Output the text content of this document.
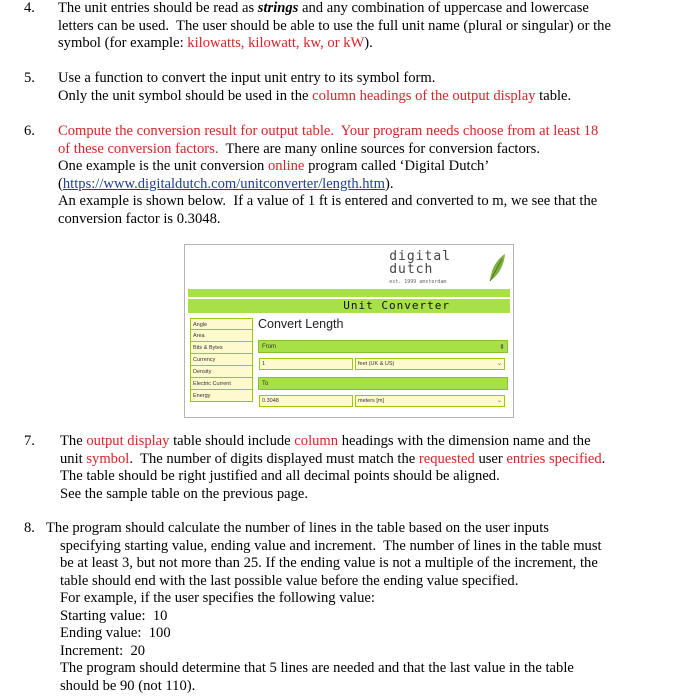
4. The unit entries should be read as strings and any combination of uppercase and lowercase
letters can be used.  The user should be able to use the full unit name (plural or singular) or the
symbol (for example: kilowatts, kilowatt, kw, or kW).
5. Use a function to convert the input unit entry to its symbol form.
Only the unit symbol should be used in the column headings of the output display table.
6. Compute the conversion result for output table.  Your program needs choose from at least 18
of these conversion factors.  There are many online sources for conversion factors.
One example is the unit conversion online program called ‘Digital Dutch’
(https://www.digitaldutch.com/unitconverter/length.htm).
An example is shown below.  If a value of 1 ft is entered and converted to m, we see that the
conversion factor is 0.3048.
digital
dutch
est. 1999 amsterdam
Unit Converter
Angle
Area
Bits & Bytes
Currency
Density
Electric Current
Energy
Convert Length
From	⬍
1	feet (UK & US)	⌄
To
0.3048	meters [m]	⌄
7. The output display table should include column headings with the dimension name and the
unit symbol.  The number of digits displayed must match the requested user entries specified.
The table should be right justified and all decimal points should be aligned.
See the sample table on the previous page.
8. The program should calculate the number of lines in the table based on the user inputs
specifying starting value, ending value and increment.  The number of lines in the table must
be at least 3, but not more than 25. If the ending value is not a multiple of the increment, the
table should end with the last possible value before the ending value specified.
For example, if the user specifies the following value:
Starting value:  10
Ending value:  100
Increment:  20
The program should determine that 5 lines are needed and that the last value in the table
should be 90 (not 110).
